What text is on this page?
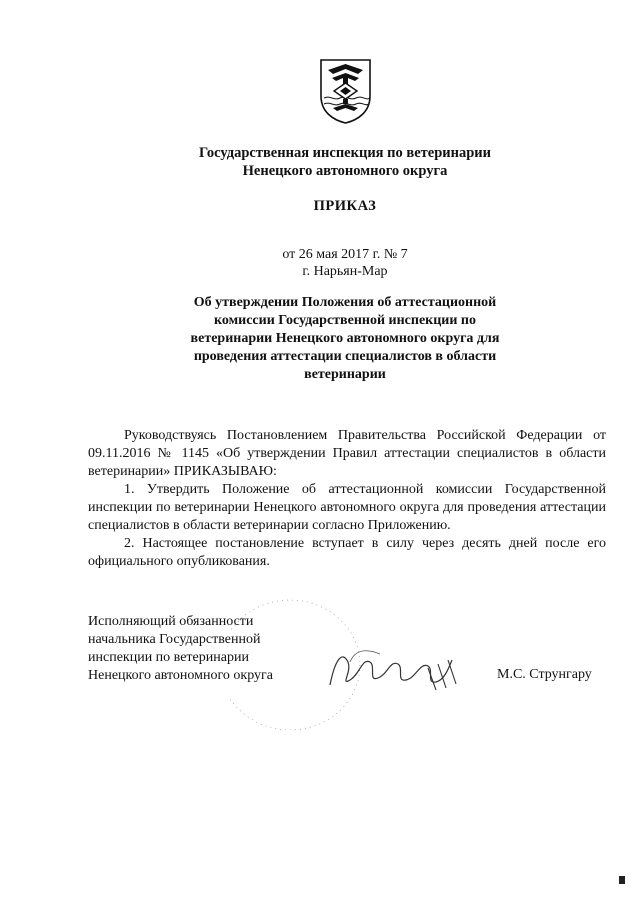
Государственная инспекция по ветеринарии
Ненецкого автономного округа
ПРИКАЗ
от 26 мая 2017 г. № 7
г. Нарьян-Мар
Об утверждении Положения об аттестационной
комиссии Государственной инспекции по
ветеринарии Ненецкого автономного округа для
проведения аттестации специалистов в области
ветеринарии

Руководствуясь Постановлением Правительства Российской Федерации от 09.11.2016 № 1145 «Об утверждении Правил аттестации специалистов в области ветеринарии» ПРИКАЗЫВАЮ:

1. Утвердить Положение об аттестационной комиссии Государственной инспекции по ветеринарии Ненецкого автономного округа для проведения аттестации специалистов в области ветеринарии согласно Приложению.

2. Настоящее постановление вступает в силу через десять дней после его официального опубликования.

Исполняющий обязанности
начальника Государственной
инспекции по ветеринарии
Ненецкого автономного округа	М.С. Струнгару
